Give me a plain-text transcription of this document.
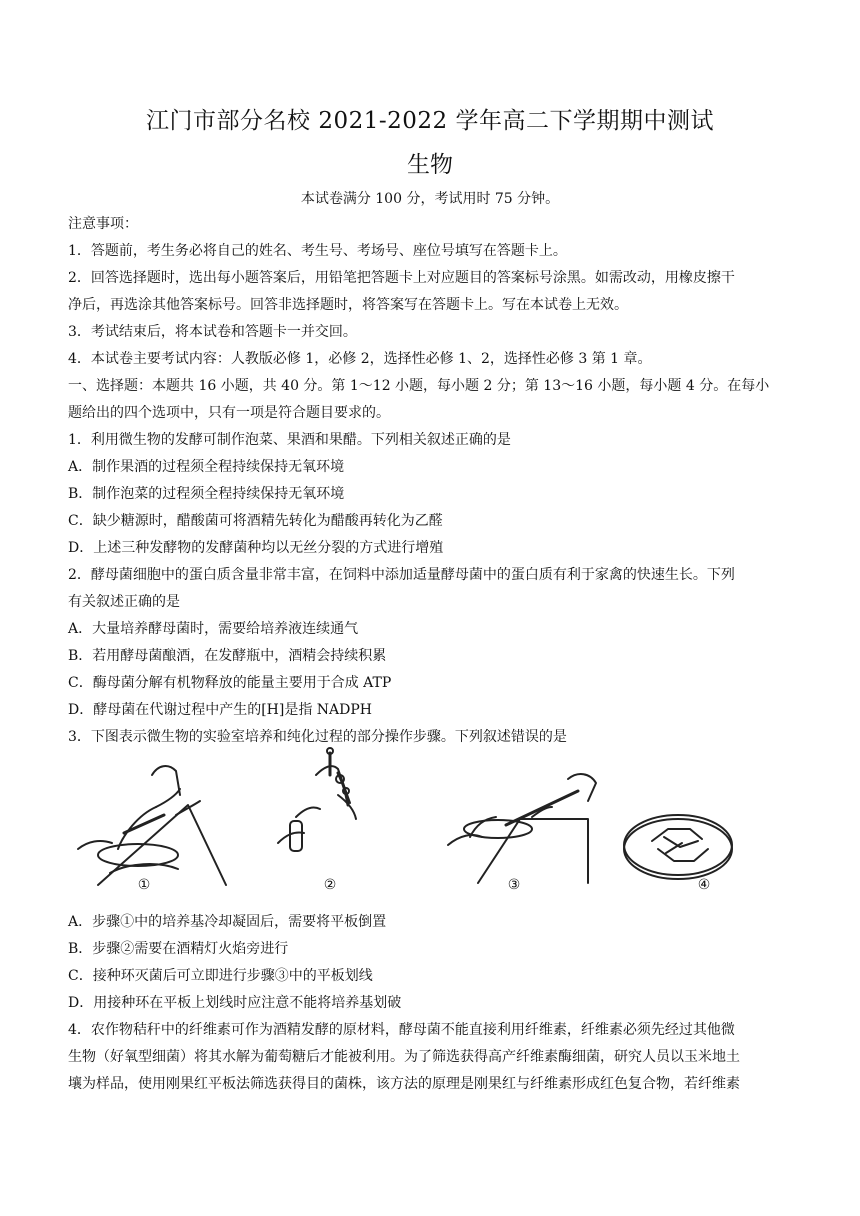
江门市部分名校 2021-2022 学年高二下学期期中测试
生物
本试卷满分 100 分，考试用时 75 分钟。
注意事项：
1．答题前，考生务必将自己的姓名、考生号、考场号、座位号填写在答题卡上。
2．回答选择题时，选出每小题答案后，用铅笔把答题卡上对应题目的答案标号涂黑。如需改动，用橡皮擦干
净后，再选涂其他答案标号。回答非选择题时，将答案写在答题卡上。写在本试卷上无效。
3．考试结束后，将本试卷和答题卡一并交回。
4．本试卷主要考试内容：人教版必修 1，必修 2，选择性必修 1、2，选择性必修 3 第 1 章。
一、选择题：本题共 16 小题，共 40 分。第 1～12 小题，每小题 2 分；第 13～16 小题，每小题 4 分。在每小
题给出的四个选项中，只有一项是符合题目要求的。
1．利用微生物的发酵可制作泡菜、果酒和果醋。下列相关叙述正确的是
A．制作果酒的过程须全程持续保持无氧环境
B．制作泡菜的过程须全程持续保持无氧环境
C．缺少糖源时，醋酸菌可将酒精先转化为醋酸再转化为乙醛
D．上述三种发酵物的发酵菌种均以无丝分裂的方式进行增殖
2．酵母菌细胞中的蛋白质含量非常丰富，在饲料中添加适量酵母菌中的蛋白质有利于家禽的快速生长。下列
有关叙述正确的是
A．大量培养酵母菌时，需要给培养液连续通气
B．若用酵母菌酿酒，在发酵瓶中，酒精会持续积累
C．酶母菌分解有机物释放的能量主要用于合成 ATP
D．酵母菌在代谢过程中产生的[H]是指 NADPH
3．下图表示微生物的实验室培养和纯化过程的部分操作步骤。下列叙述错误的是
①	②	③	④
A．步骤①中的培养基冷却凝固后，需要将平板倒置
B．步骤②需要在酒精灯火焰旁进行
C．接种环灭菌后可立即进行步骤③中的平板划线
D．用接种环在平板上划线时应注意不能将培养基划破
4．农作物秸秆中的纤维素可作为酒精发酵的原材料，酵母菌不能直接利用纤维素，纤维素必须先经过其他微
生物（好氧型细菌）将其水解为葡萄糖后才能被利用。为了筛选获得高产纤维素酶细菌，研究人员以玉米地土
壤为样品，使用刚果红平板法筛选获得目的菌株，该方法的原理是刚果红与纤维素形成红色复合物，若纤维素
